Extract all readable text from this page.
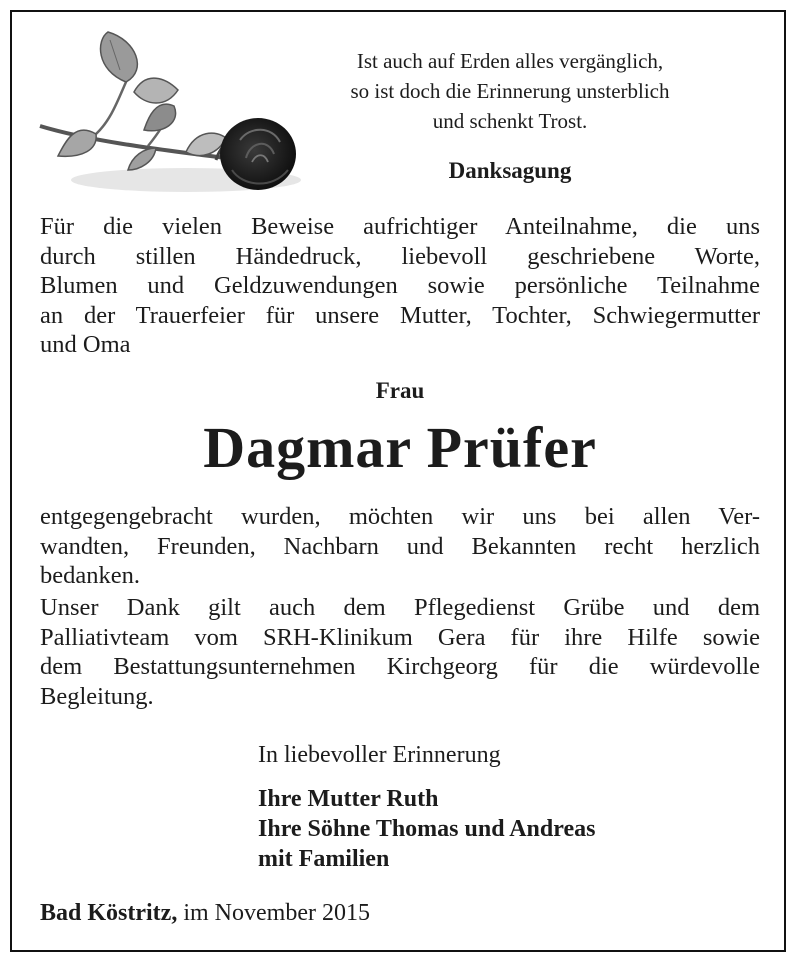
Ist auch auf Erden alles vergänglich,
so ist doch die Erinnerung unsterblich
und schenkt Trost.
Danksagung
Für die vielen Beweise aufrichtiger Anteilnahme, die uns
durch stillen Händedruck, liebevoll geschriebene Worte,
Blumen und Geldzuwendungen sowie persönliche Teilnahme
an der Trauerfeier für unsere Mutter, Tochter, Schwiegermutter
und Oma
Frau
Dagmar Prüfer
entgegengebracht wurden, möchten wir uns bei allen Ver-
wandten, Freunden, Nachbarn und Bekannten recht herzlich
bedanken.
Unser Dank gilt auch dem Pflegedienst Grübe und dem
Palliativteam vom SRH-Klinikum Gera für ihre Hilfe sowie
dem Bestattungsunternehmen Kirchgeorg für die würdevolle
Begleitung.
In liebevoller Erinnerung
Ihre Mutter Ruth
Ihre Söhne Thomas und Andreas
mit Familien
Bad Köstritz, im November 2015
